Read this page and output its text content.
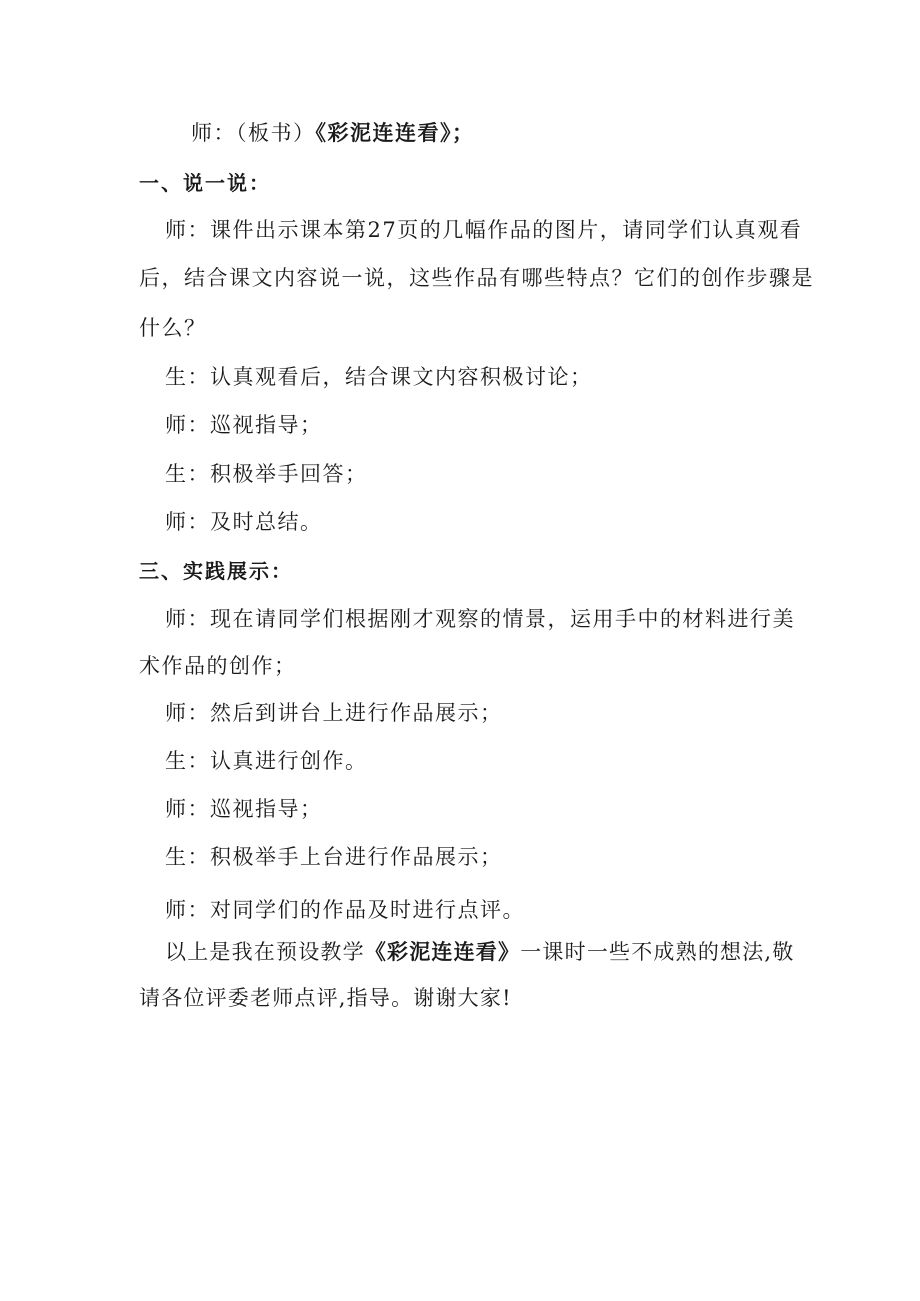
师：（板书）《彩泥连连看》；
一、说一说：
师：课件出示课本第27页的几幅作品的图片，请同学们认真观看
后，结合课文内容说一说，这些作品有哪些特点？它们的创作步骤是
什么？
生：认真观看后，结合课文内容积极讨论；
师：巡视指导；
生：积极举手回答；
师：及时总结。
三、实践展示：
师：现在请同学们根据刚才观察的情景，运用手中的材料进行美
术作品的创作；
师：然后到讲台上进行作品展示；
生：认真进行创作。
师：巡视指导；
生：积极举手上台进行作品展示；
师：对同学们的作品及时进行点评。
以上是我在预设教学《彩泥连连看》一课时一些不成熟的想法,敬
请各位评委老师点评,指导。谢谢大家!
